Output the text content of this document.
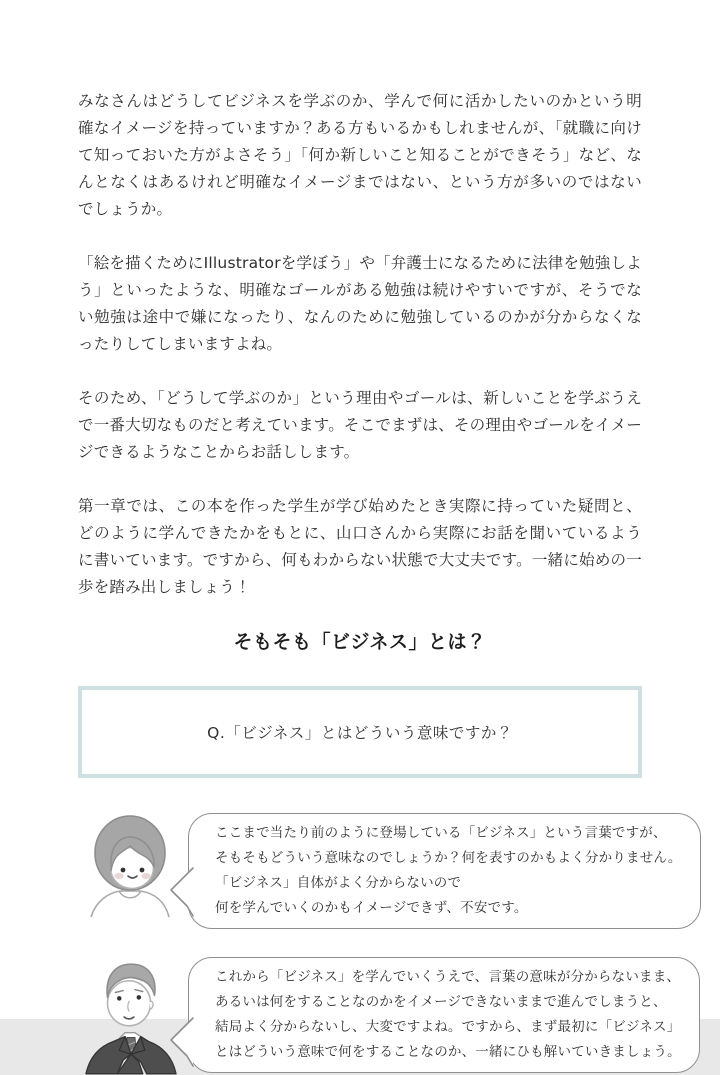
みなさんはどうしてビジネスを学ぶのか、学んで何に活かしたいのかという明確なイメージを持っていますか？ある方もいるかもしれませんが、「就職に向けて知っておいた方がよさそう」「何か新しいこと知ることができそう」など、なんとなくはあるけれど明確なイメージまではない、という方が多いのではないでしょうか。

「絵を描くためにIllustratorを学ぼう」や「弁護士になるために法律を勉強しよう」といったような、明確なゴールがある勉強は続けやすいですが、そうでない勉強は途中で嫌になったり、なんのために勉強しているのかが分からなくなったりしてしまいますよね。

そのため、「どうして学ぶのか」という理由やゴールは、新しいことを学ぶうえで一番大切なものだと考えています。そこでまずは、その理由やゴールをイメージできるようなことからお話しします。

第一章では、この本を作った学生が学び始めたとき実際に持っていた疑問と、どのように学んできたかをもとに、山口さんから実際にお話を聞いているように書いています。ですから、何もわからない状態で大丈夫です。一緒に始めの一歩を踏み出しましょう！

そもそも「ビジネス」とは？
Q.「ビジネス」とはどういう意味ですか？
ここまで当たり前のように登場している「ビジネス」という言葉ですが、
そもそもどういう意味なのでしょうか？何を表すのかもよく分かりません。
「ビジネス」自体がよく分からないので
何を学んでいくのかもイメージできず、不安です。
これから「ビジネス」を学んでいくうえで、言葉の意味が分からないまま、
あるいは何をすることなのかをイメージできないままで進んでしまうと、
結局よく分からないし、大変ですよね。ですから、まず最初に「ビジネス」
とはどういう意味で何をすることなのか、一緒にひも解いていきましょう。
